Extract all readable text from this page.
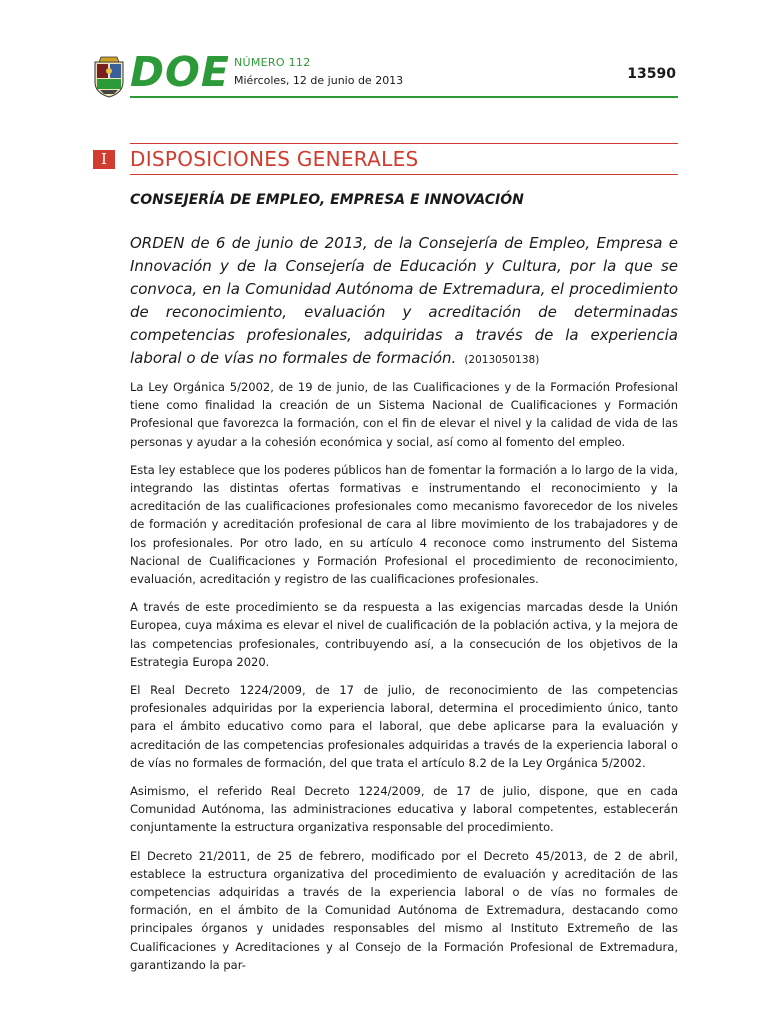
DOE NÚMERO 112
Miércoles, 12 de junio de 2013	13590
I	DISPOSICIONES GENERALES
CONSEJERÍA DE EMPLEO, EMPRESA E INNOVACIÓN
ORDEN de 6 de junio de 2013, de la Consejería de Empleo, Empresa e Innovación y de la Consejería de Educación y Cultura, por la que se convoca, en la Comunidad Autónoma de Extremadura, el procedimiento de reconocimiento, evaluación y acreditación de determinadas competencias profesionales, adquiridas a través de la experiencia laboral o de vías no formales de formación. (2013050138)

La Ley Orgánica 5/2002, de 19 de junio, de las Cualificaciones y de la Formación Profesional tiene como finalidad la creación de un Sistema Nacional de Cualificaciones y Formación Profesional que favorezca la formación, con el fin de elevar el nivel y la calidad de vida de las personas y ayudar a la cohesión económica y social, así como al fomento del empleo.

Esta ley establece que los poderes públicos han de fomentar la formación a lo largo de la vida, integrando las distintas ofertas formativas e instrumentando el reconocimiento y la acreditación de las cualificaciones profesionales como mecanismo favorecedor de los niveles de formación y acreditación profesional de cara al libre movimiento de los trabajadores y de los profesionales. Por otro lado, en su artículo 4 reconoce como instrumento del Sistema Nacional de Cualificaciones y Formación Profesional el procedimiento de reconocimiento, evaluación, acreditación y registro de las cualificaciones profesionales.

A través de este procedimiento se da respuesta a las exigencias marcadas desde la Unión Europea, cuya máxima es elevar el nivel de cualificación de la población activa, y la mejora de las competencias profesionales, contribuyendo así, a la consecución de los objetivos de la Estrategia Europa 2020.

El Real Decreto 1224/2009, de 17 de julio, de reconocimiento de las competencias profesionales adquiridas por la experiencia laboral, determina el procedimiento único, tanto para el ámbito educativo como para el laboral, que debe aplicarse para la evaluación y acreditación de las competencias profesionales adquiridas a través de la experiencia laboral o de vías no formales de formación, del que trata el artículo 8.2 de la Ley Orgánica 5/2002.

Asimismo, el referido Real Decreto 1224/2009, de 17 de julio, dispone, que en cada Comunidad Autónoma, las administraciones educativa y laboral competentes, establecerán conjuntamente la estructura organizativa responsable del procedimiento.

El Decreto 21/2011, de 25 de febrero, modificado por el Decreto 45/2013, de 2 de abril, establece la estructura organizativa del procedimiento de evaluación y acreditación de las competencias adquiridas a través de la experiencia laboral o de vías no formales de formación, en el ámbito de la Comunidad Autónoma de Extremadura, destacando como principales órganos y unidades responsables del mismo al Instituto Extremeño de las Cualificaciones y Acreditaciones y al Consejo de la Formación Profesional de Extremadura, garantizando la par-
